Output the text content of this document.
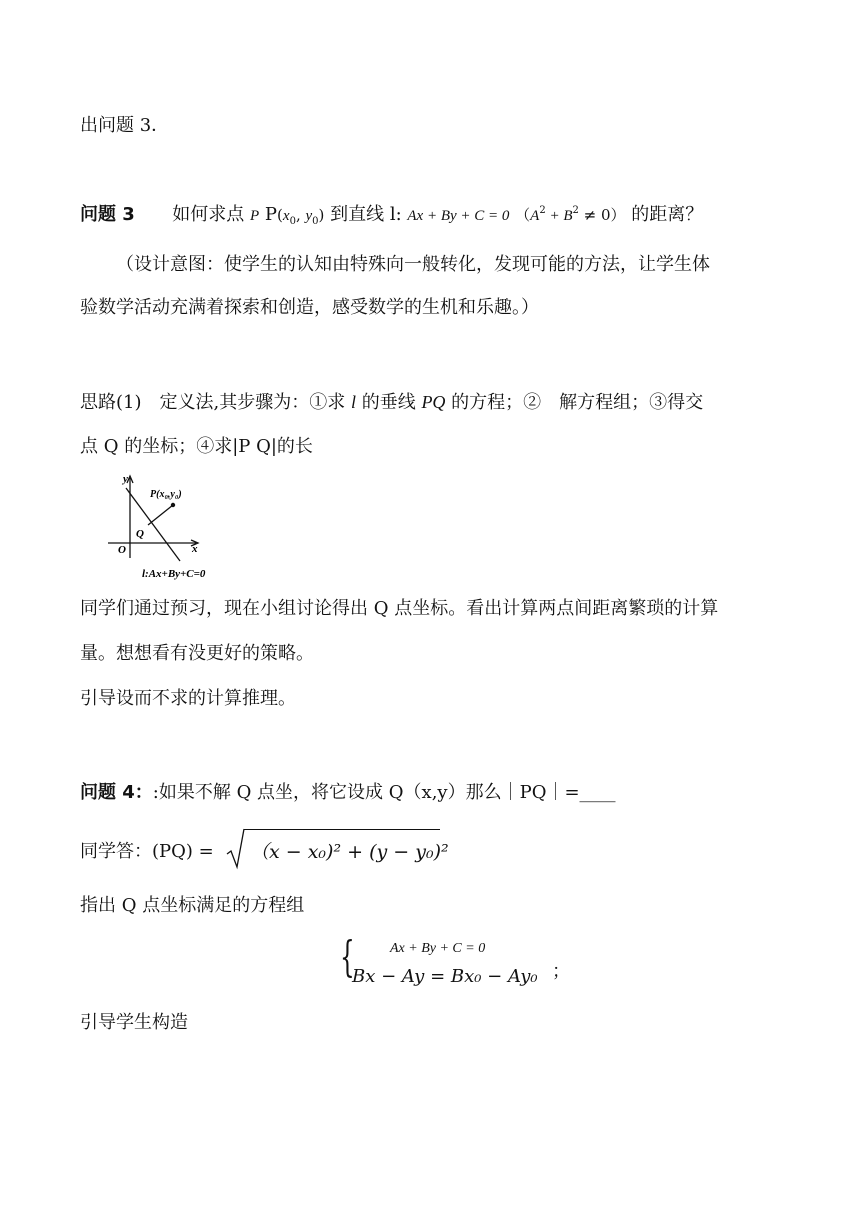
出问题 3．
问题 3 如何求点 P $P(x_0$, $y_0$) 到直线 l: Ax + By + C = 0 $(A^2 + B^2 \ne 0)$ 的距离？
（设计意图：使学生的认知由特殊向一般转化，发现可能的方法，让学生体
验数学活动充满着探索和创造，感受数学的生机和乐趣。）
思路(1)　定义法,其步骤为：①求 l 的垂线 PQ 的方程；②　解方程组；③得交
点 Q 的坐标；④求|P Q|的长
y
x
O
Q
P(x₀,y₀)
l:Ax+By+C=0
同学们通过预习，现在小组讨论得出 Q 点坐标。看出计算两点间距离繁琐的计算
量。想想看有没更好的策略。
引导设而不求的计算推理。
问题 4：:如果不解 Q 点坐，将它设成 Q（x,y）那么｜PQ｜=____
同学答：(PQ) = （x − x₀)² + (y − y₀)²
指出 Q 点坐标满足的方程组
{	Ax + By + C = 0
Bx − Ay = Bx₀ − Ay₀ ；
引导学生构造
